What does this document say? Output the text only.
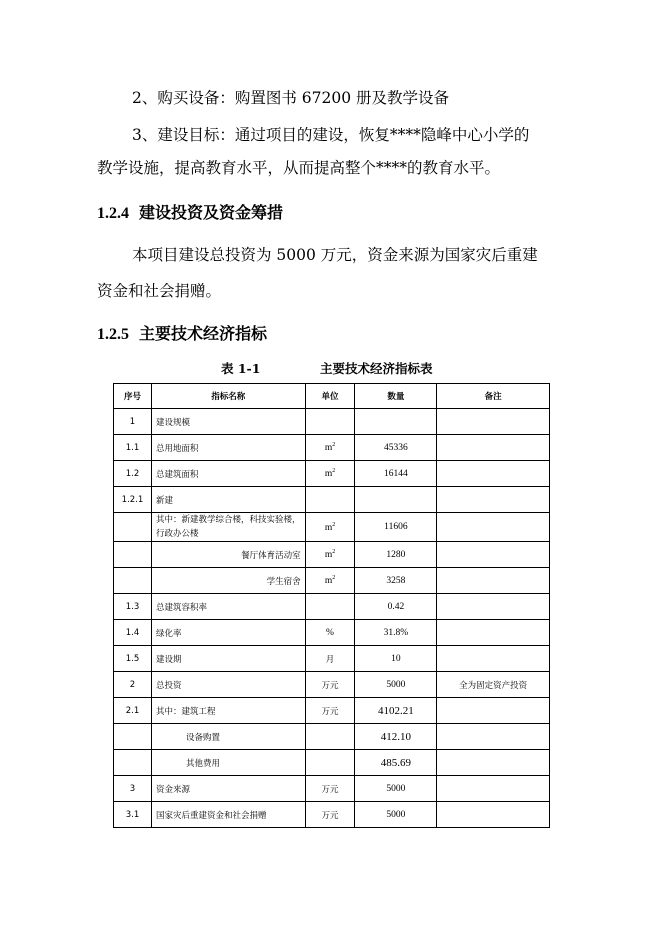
2、购买设备：购置图书 67200 册及教学设备

3、建设目标：通过项目的建设，恢复****隐峰中心小学的

教学设施，提高教育水平，从而提高整个****的教育水平。

1.2.4 建设投资及资金筹措

本项目建设总投资为 5000 万元，资金来源为国家灾后重建

资金和社会捐赠。

1.2.5 主要技术经济指标

表 1-1	主要技术经济指标表
序号	指标名称	单位	数量	备注
1	建设规模			
1.1	总用地面积	$m^2$	45336	
1.2	总建筑面积	$m^2$	16144	
1.2.1	新建			
	其中：新建教学综合楼，科技实验楼，行政办公楼	$m^2$	11606	
	餐厅体育活动室	$m^2$	1280	
	学生宿舍	$m^2$	3258	
1.3	总建筑容积率		0.42	
1.4	绿化率	%	31.8%	
1.5	建设期	月	10	
2	总投资	万元	5000	全为固定资产投资
2.1	其中：建筑工程	万元	4102.21	
	设备购置		412.10	
	其他费用		485.69	
3	资金来源	万元	5000	
3.1	国家灾后重建资金和社会捐赠	万元	5000	
